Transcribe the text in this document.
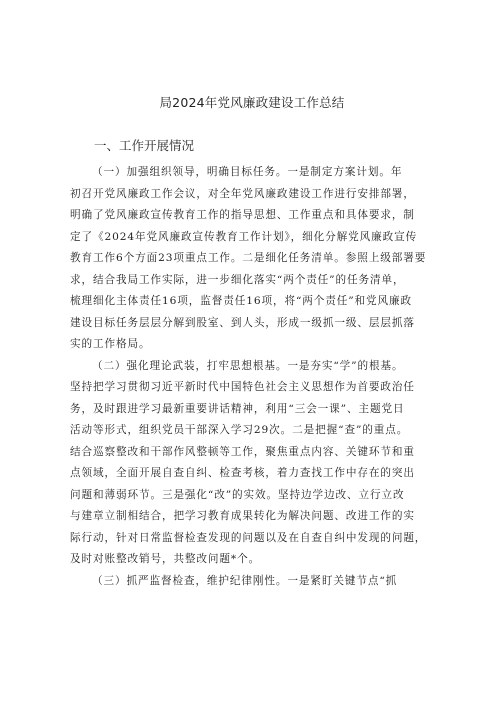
局2024年党风廉政建设工作总结
一、工作开展情况
（一）加强组织领导，明确目标任务。一是制定方案计划。年
初召开党风廉政工作会议，对全年党风廉政建设工作进行安排部署，
明确了党风廉政宣传教育工作的指导思想、工作重点和具体要求，制
定了《2024年党风廉政宣传教育工作计划》，细化分解党风廉政宣传
教育工作6个方面23项重点工作。二是细化任务清单。参照上级部署要
求，结合我局工作实际，进一步细化落实“两个责任”的任务清单，
梳理细化主体责任16项，监督责任16项，将“两个责任”和党风廉政
建设目标任务层层分解到股室、到人头，形成一级抓一级、层层抓落
实的工作格局。
（二）强化理论武装，打牢思想根基。一是夯实“学”的根基。
坚持把学习贯彻习近平新时代中国特色社会主义思想作为首要政治任
务，及时跟进学习最新重要讲话精神，利用“三会一课”、主题党日
活动等形式，组织党员干部深入学习29次。二是把握“查”的重点。
结合巡察整改和干部作风整顿等工作，聚焦重点内容、关键环节和重
点领域，全面开展自查自纠、检查考核，着力查找工作中存在的突出
问题和薄弱环节。三是强化“改”的实效。坚持边学边改、立行立改
与建章立制相结合，把学习教育成果转化为解决问题、改进工作的实
际行动，针对日常监督检查发现的问题以及在自查自纠中发现的问题，
及时对账整改销号，共整改问题*个。
（三）抓严监督检查，维护纪律刚性。一是紧盯关键节点“抓
